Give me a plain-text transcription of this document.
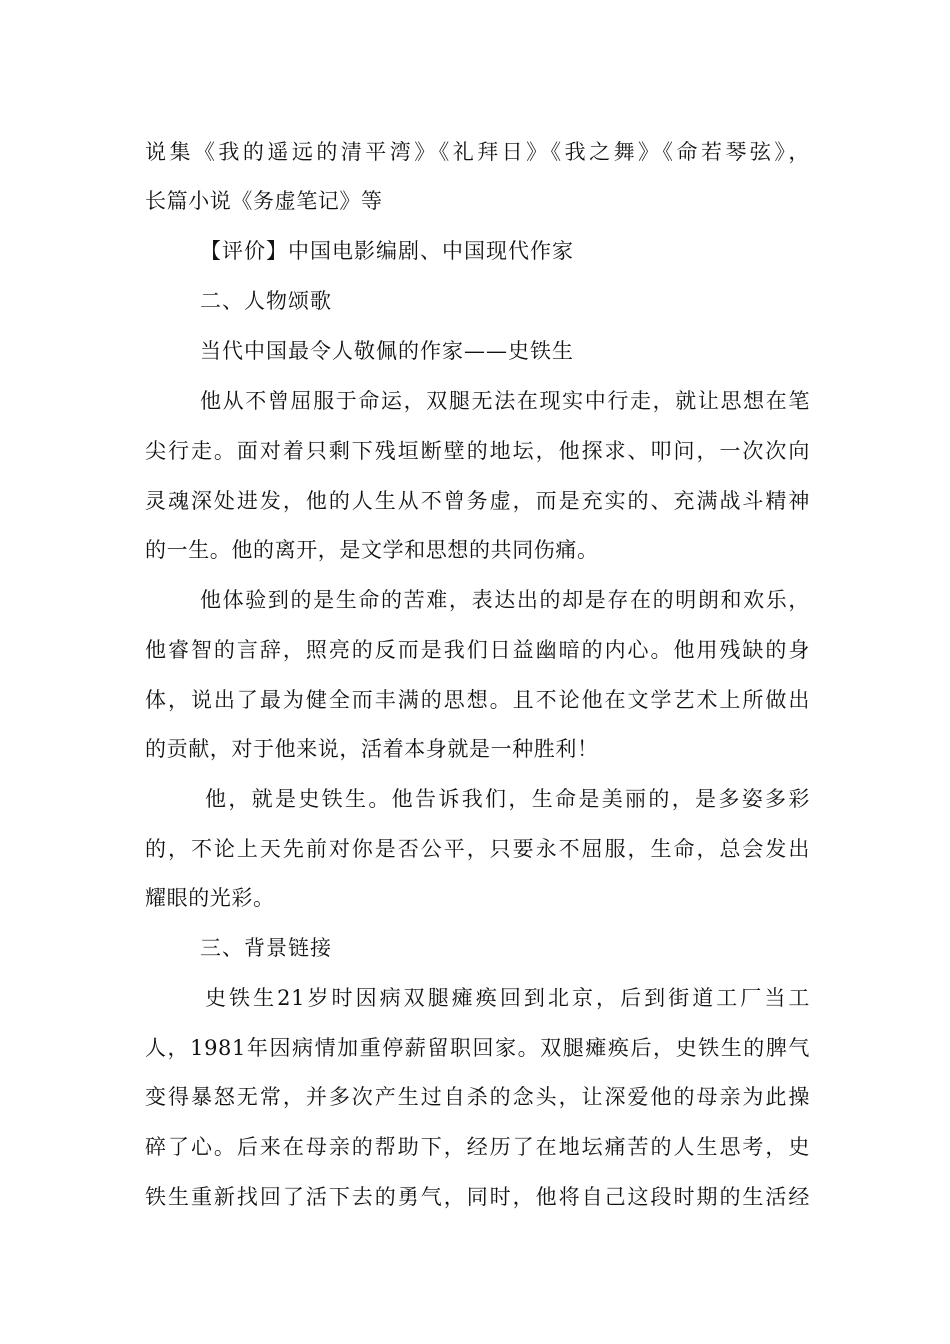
说集《我的遥远的清平湾》《礼拜日》《我之舞》《命若琴弦》，
长篇小说《务虚笔记》等
【评价】中国电影编剧、中国现代作家
二、人物颂歌
当代中国最令人敬佩的作家——史铁生
他从不曾屈服于命运，双腿无法在现实中行走，就让思想在笔
尖行走。面对着只剩下残垣断壁的地坛，他探求、叩问，一次次向
灵魂深处进发，他的人生从不曾务虚，而是充实的、充满战斗精神
的一生。他的离开，是文学和思想的共同伤痛。
他体验到的是生命的苦难，表达出的却是存在的明朗和欢乐，
他睿智的言辞，照亮的反而是我们日益幽暗的内心。他用残缺的身
体，说出了最为健全而丰满的思想。且不论他在文学艺术上所做出
的贡献，对于他来说，活着本身就是一种胜利！
他，就是史铁生。他告诉我们，生命是美丽的，是多姿多彩
的，不论上天先前对你是否公平，只要永不屈服，生命，总会发出
耀眼的光彩。
三、背景链接
史铁生21岁时因病双腿瘫痪回到北京，后到街道工厂当工
人，1981年因病情加重停薪留职回家。双腿瘫痪后，史铁生的脾气
变得暴怒无常，并多次产生过自杀的念头，让深爱他的母亲为此操
碎了心。后来在母亲的帮助下，经历了在地坛痛苦的人生思考，史
铁生重新找回了活下去的勇气，同时，他将自己这段时期的生活经
